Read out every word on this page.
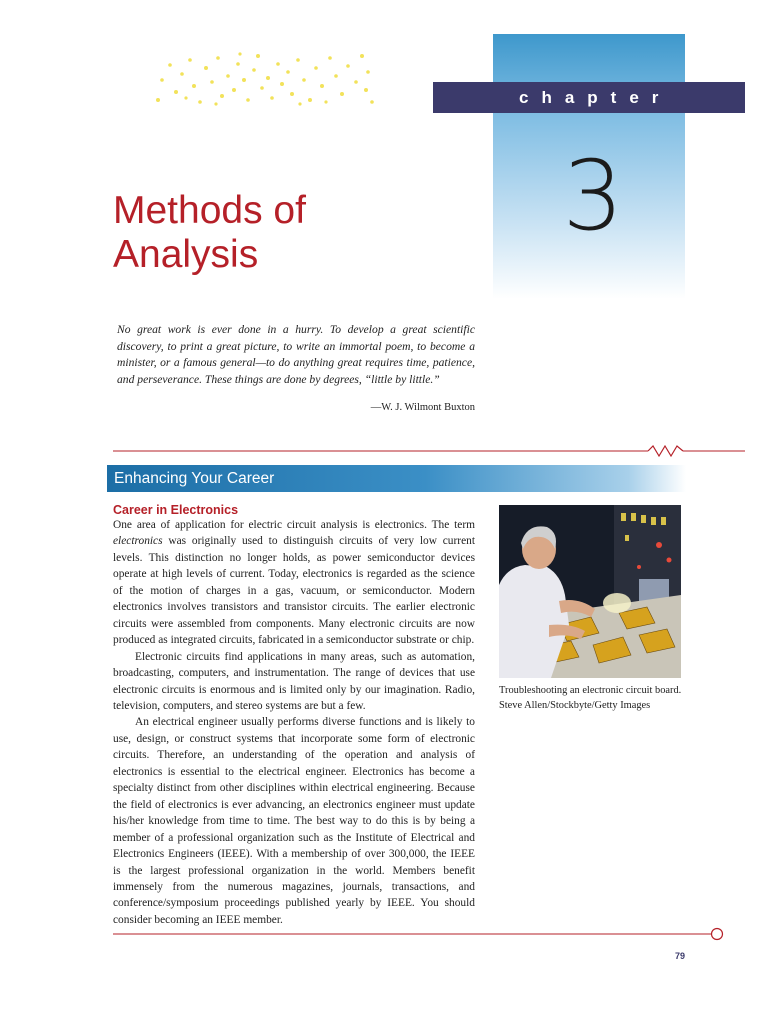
chapter
3
Methods of
Analysis
No great work is ever done in a hurry. To develop a great scientific discovery, to print a great picture, to write an immortal poem, to become a minister, or a famous general—to do anything great requires time, patience, and perseverance. These things are done by degrees, “little by little.”
—W. J. Wilmont Buxton
Enhancing Your Career
Career in Electronics

One area of application for electric circuit analysis is electronics. The term electronics was originally used to distinguish circuits of very low current levels. This distinction no longer holds, as power semiconductor devices operate at high levels of current. Today, electronics is regarded as the science of the motion of charges in a gas, vacuum, or semiconductor. Modern electronics involves transistors and transistor circuits. The earlier electronic circuits were assembled from components. Many electronic circuits are now produced as integrated circuits, fabricated in a semiconductor substrate or chip.

Electronic circuits find applications in many areas, such as automation, broadcasting, computers, and instrumentation. The range of devices that use electronic circuits is enormous and is limited only by our imagination. Radio, television, computers, and stereo systems are but a few.

An electrical engineer usually performs diverse functions and is likely to use, design, or construct systems that incorporate some form of electronic circuits. Therefore, an understanding of the operation and analysis of electronics is essential to the electrical engineer. Electronics has become a specialty distinct from other disciplines within electrical engineering. Because the field of electronics is ever advancing, an electronics engineer must update his/her knowledge from time to time. The best way to do this is by being a member of a professional organization such as the Institute of Electrical and Electronics Engineers (IEEE). With a membership of over 300,000, the IEEE is the largest professional organization in the world. Members benefit immensely from the numerous magazines, journals, transactions, and conference/symposium proceedings published yearly by IEEE. You should consider becoming an IEEE member.

Troubleshooting an electronic circuit board.
Steve Allen/Stockbyte/Getty Images
79
